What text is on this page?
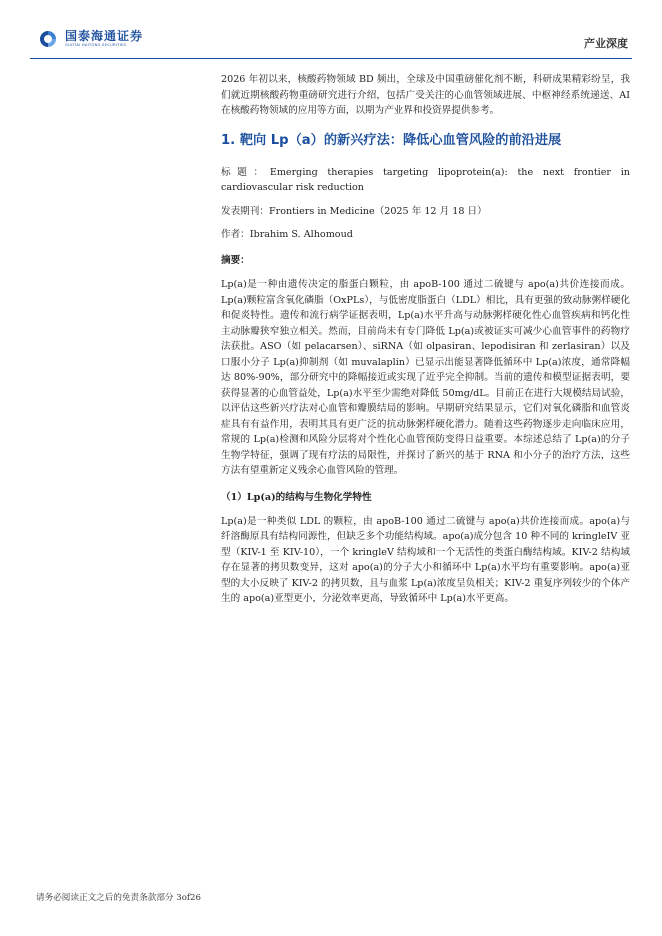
国泰海通证券
GUOTAI HAITONG SECURITIES	产业深度

2026 年初以来，核酸药物领域 BD 频出，全球及中国重磅催化剂不断，科研成果精彩纷呈，我们就近期核酸药物重磅研究进行介绍，包括广受关注的心血管领域进展、中枢神经系统递送、AI 在核酸药物领域的应用等方面，以期为产业界和投资界提供参考。

1. 靶向 Lp（a）的新兴疗法：降低心血管风险的前沿进展

标题：Emerging therapies targeting lipoprotein(a): the next frontier in cardiovascular risk reduction

发表期刊：Frontiers in Medicine（2025 年 12 月 18 日）

作者：Ibrahim S. Alhomoud

摘要：

Lp(a)是一种由遗传决定的脂蛋白颗粒，由 apoB-100 通过二硫键与 apo(a)共价连接而成。Lp(a)颗粒富含氧化磷脂（OxPLs），与低密度脂蛋白（LDL）相比，具有更强的致动脉粥样硬化和促炎特性。遗传和流行病学证据表明，Lp(a)水平升高与动脉粥样硬化性心血管疾病和钙化性主动脉瓣狭窄独立相关。然而，目前尚未有专门降低 Lp(a)或被证实可减少心血管事件的药物疗法获批。ASO（如 pelacarsen）、siRNA（如 olpasiran、lepodisiran 和 zerlasiran）以及口服小分子 Lp(a)抑制剂（如 muvalaplin）已显示出能显著降低循环中 Lp(a)浓度，通常降幅达 80%-90%，部分研究中的降幅接近或实现了近乎完全抑制。当前的遗传和模型证据表明，要获得显著的心血管益处，Lp(a)水平至少需绝对降低 50mg/dL。目前正在进行大规模结局试验，以评估这些新兴疗法对心血管和瓣膜结局的影响。早期研究结果显示，它们对氧化磷脂和血管炎症具有有益作用，表明其具有更广泛的抗动脉粥样硬化潜力。随着这些药物逐步走向临床应用，常规的 Lp(a)检测和风险分层将对个性化心血管预防变得日益重要。本综述总结了 Lp(a)的分子生物学特征，强调了现有疗法的局限性，并探讨了新兴的基于 RNA 和小分子的治疗方法，这些方法有望重新定义残余心血管风险的管理。

（1）Lp(a)的结构与生物化学特性

Lp(a)是一种类似 LDL 的颗粒，由 apoB-100 通过二硫键与 apo(a)共价连接而成。apo(a)与纤溶酶原具有结构同源性，但缺乏多个功能结构域。apo(a)成分包含 10 种不同的 kringleIV 亚型（KIV-1 至 KIV-10），一个 kringleV 结构域和一个无活性的类蛋白酶结构域。KIV-2 结构域存在显著的拷贝数变异，这对 apo(a)的分子大小和循环中 Lp(a)水平均有重要影响。apo(a)亚型的大小反映了 KIV-2 的拷贝数，且与血浆 Lp(a)浓度呈负相关；KIV-2 重复序列较少的个体产生的 apo(a)亚型更小，分泌效率更高，导致循环中 Lp(a)水平更高。

请务必阅读正文之后的免责条款部分 3of26
